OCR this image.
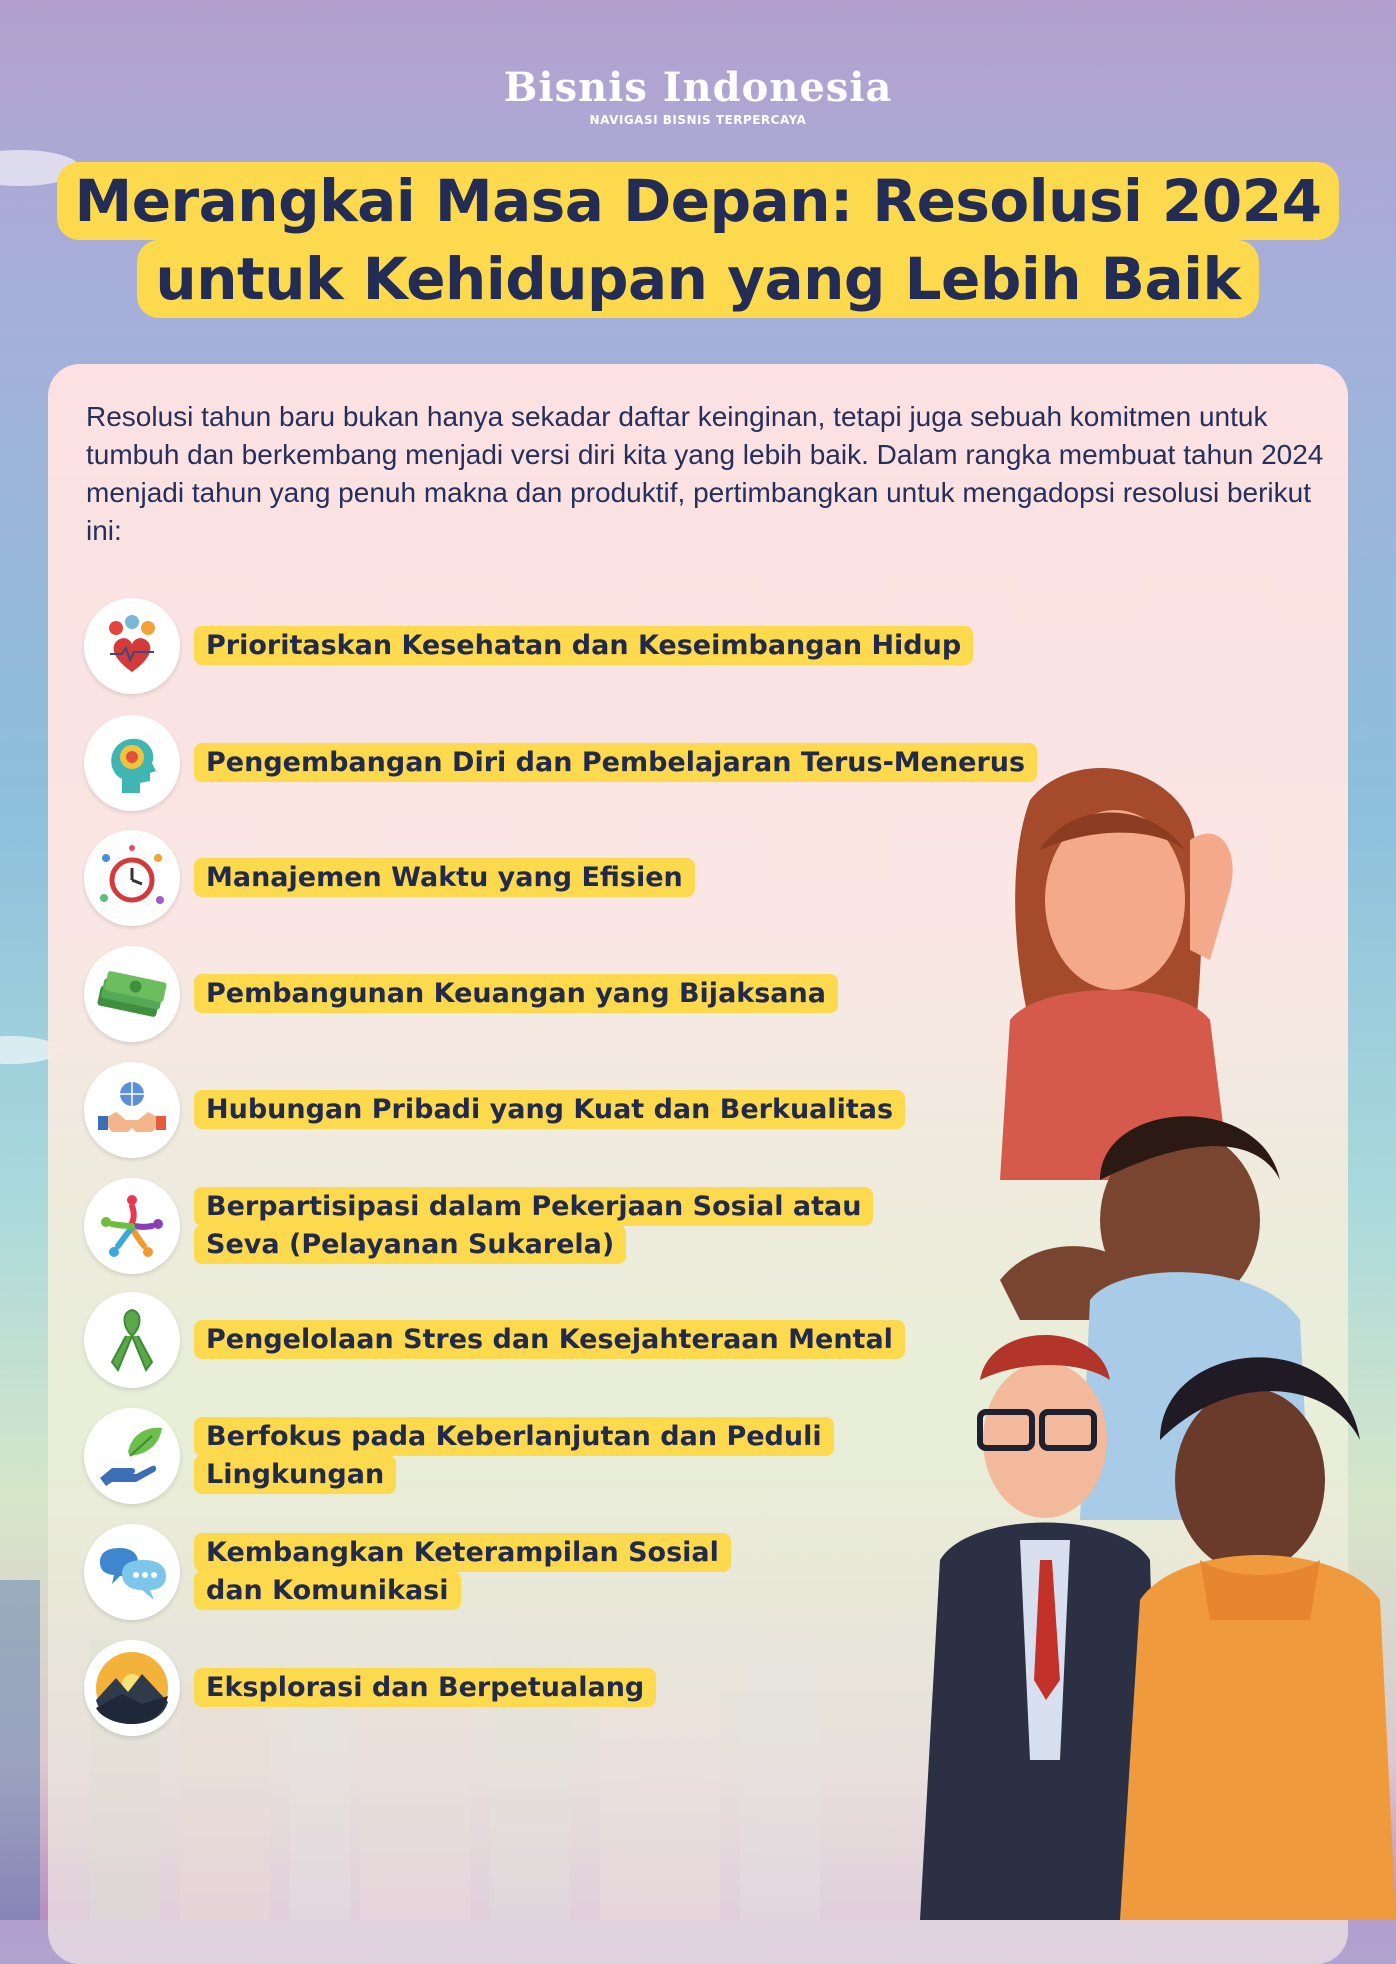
Bisnis Indonesia
NAVIGASI BISNIS TERPERCAYA
Merangkai Masa Depan: Resolusi 2024
untuk Kehidupan yang Lebih Baik

Resolusi tahun baru bukan hanya sekadar daftar keinginan, tetapi juga sebuah komitmen untuk tumbuh dan berkembang menjadi versi diri kita yang lebih baik. Dalam rangka membuat tahun 2024 menjadi tahun yang penuh makna dan produktif, pertimbangkan untuk mengadopsi resolusi berikut ini:

Prioritaskan Kesehatan dan Keseimbangan Hidup
Pengembangan Diri dan Pembelajaran Terus-Menerus
Manajemen Waktu yang Efisien
Pembangunan Keuangan yang Bijaksana
Hubungan Pribadi yang Kuat dan Berkualitas
Berpartisipasi dalam Pekerjaan Sosial atau Seva (Pelayanan Sukarela)
Pengelolaan Stres dan Kesejahteraan Mental
Berfokus pada Keberlanjutan dan Peduli Lingkungan
Kembangkan Keterampilan Sosial dan Komunikasi
Eksplorasi dan Berpetualang
